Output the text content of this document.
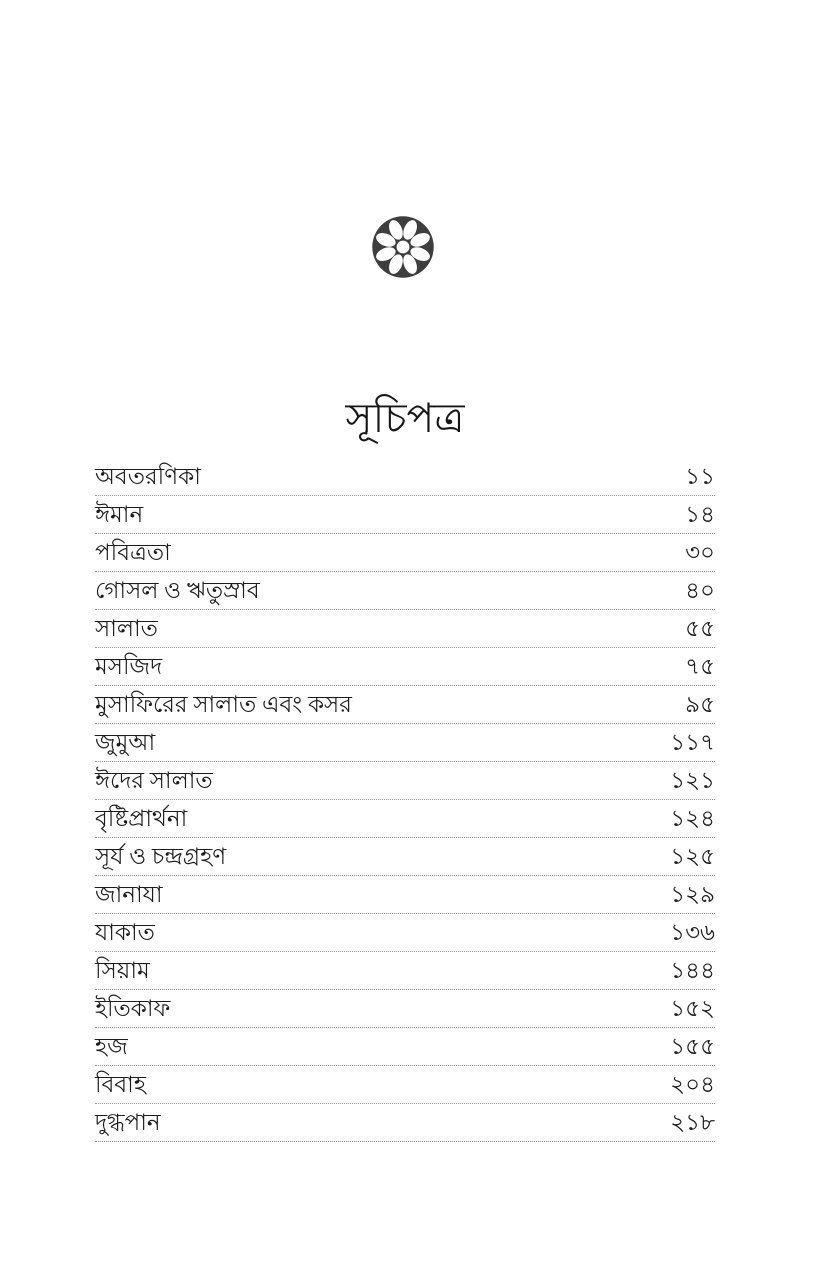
সূচিপত্র
অবতরণিকা	১১
ঈমান	১৪
পবিত্রতা	৩০
গোসল ও ঋতুস্রাব	৪০
সালাত	৫৫
মসজিদ	৭৫
মুসাফিরের সালাত এবং কসর	৯৫
জুমুআ	১১৭
ঈদের সালাত	১২১
বৃষ্টিপ্রার্থনা	১২৪
সূর্য ও চন্দ্রগ্রহণ	১২৫
জানাযা	১২৯
যাকাত	১৩৬
সিয়াম	১৪৪
ইতিকাফ	১৫২
হজ	১৫৫
বিবাহ	২০৪
দুগ্ধপান	২১৮
